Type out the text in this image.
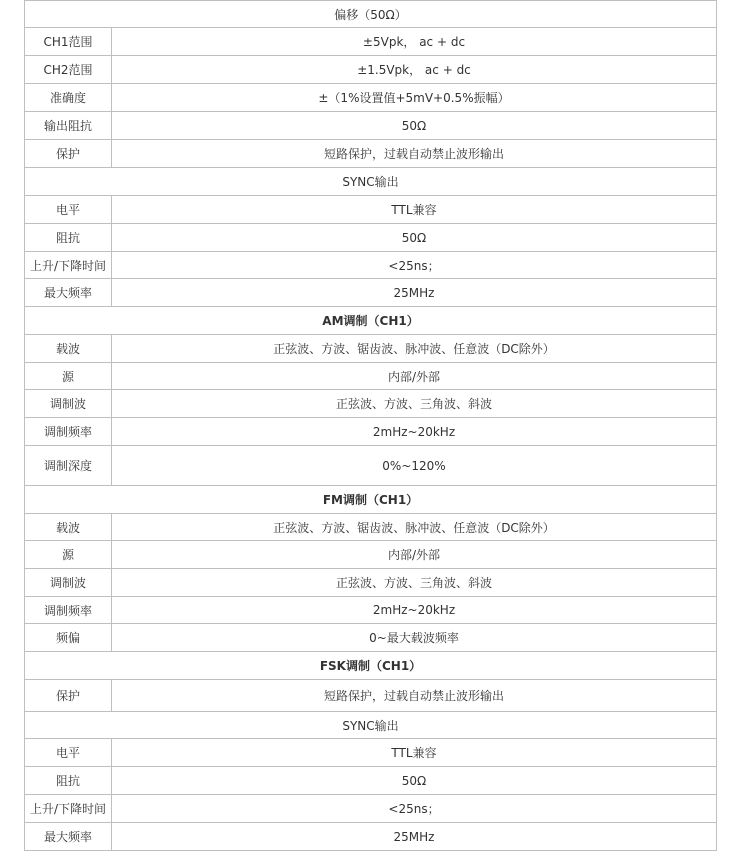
偏移（50Ω）	
CH1范围	±5Vpk， ac + dc
CH2范围	±1.5Vpk， ac + dc
准确度	±（1%设置值+5mV+0.5%振幅）
输出阻抗	50Ω
保护	短路保护，过载自动禁止波形输出
SYNC输出	
电平	TTL兼容
阻抗	50Ω
上升/下降时间	<25ns；
最大频率	25MHz
AM调制（CH1）	
载波	正弦波、方波、锯齿波、脉冲波、任意波（DC除外）
源	内部/外部
调制波	正弦波、方波、三角波、斜波
调制频率	2mHz~20kHz
调制深度	0%~120%
FM调制（CH1）	
载波	正弦波、方波、锯齿波、脉冲波、任意波（DC除外）
源	内部/外部
调制波	正弦波、方波、三角波、斜波
调制频率	2mHz~20kHz
频偏	0~最大载波频率
FSK调制（CH1）	
保护	短路保护，过载自动禁止波形输出
SYNC输出	
电平	TTL兼容
阻抗	50Ω
上升/下降时间	<25ns；
最大频率	25MHz
